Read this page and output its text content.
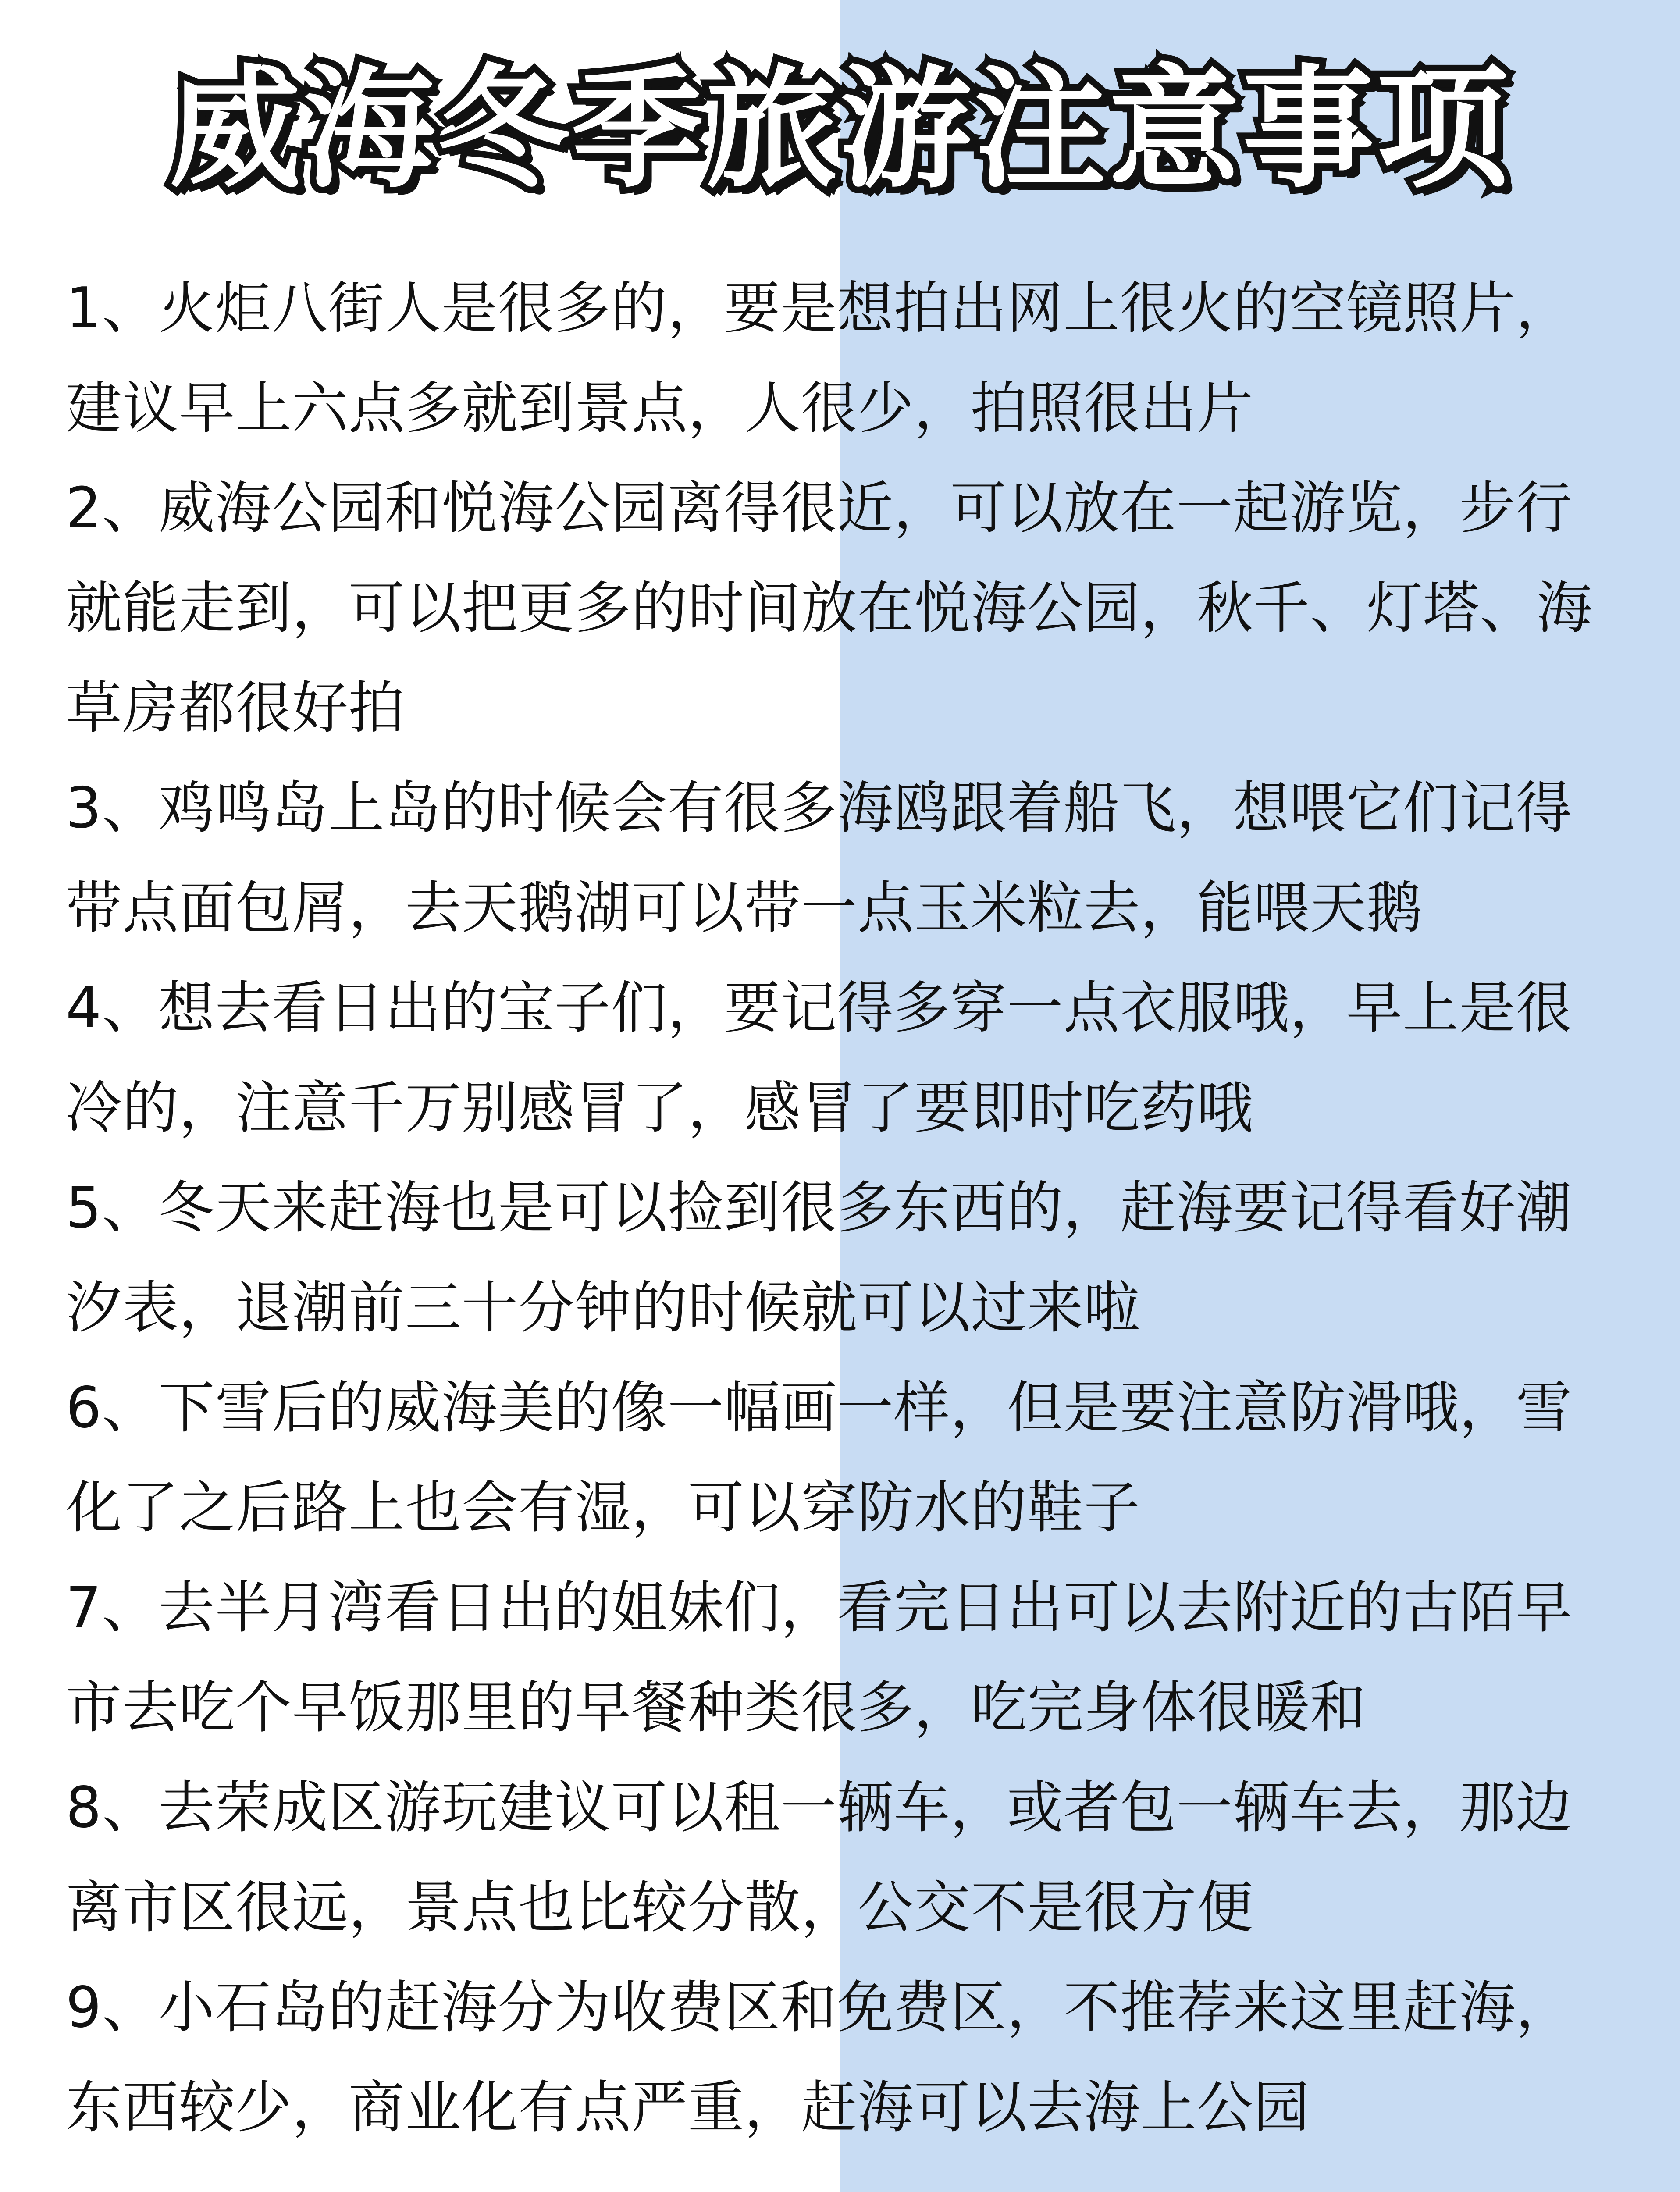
威海冬季旅游注意事项
1、火炬八街人是很多的，要是想拍出网上很火的空镜照片，建议早上六点多就到景点，人很少，拍照很出片
2、威海公园和悦海公园离得很近，可以放在一起游览，步行就能走到，可以把更多的时间放在悦海公园，秋千、灯塔、海草房都很好拍
3、鸡鸣岛上岛的时候会有很多海鸥跟着船飞，想喂它们记得带点面包屑，去天鹅湖可以带一点玉米粒去，能喂天鹅
4、想去看日出的宝子们，要记得多穿一点衣服哦，早上是很冷的，注意千万别感冒了，感冒了要即时吃药哦
5、冬天来赶海也是可以捡到很多东西的，赶海要记得看好潮汐表，退潮前三十分钟的时候就可以过来啦
6、下雪后的威海美的像一幅画一样，但是要注意防滑哦，雪化了之后路上也会有湿，可以穿防水的鞋子
7、去半月湾看日出的姐妹们，看完日出可以去附近的古陌早市去吃个早饭那里的早餐种类很多，吃完身体很暖和
8、去荣成区游玩建议可以租一辆车，或者包一辆车去，那边离市区很远，景点也比较分散，公交不是很方便
9、小石岛的赶海分为收费区和免费区，不推荐来这里赶海，东西较少，商业化有点严重，赶海可以去海上公园
